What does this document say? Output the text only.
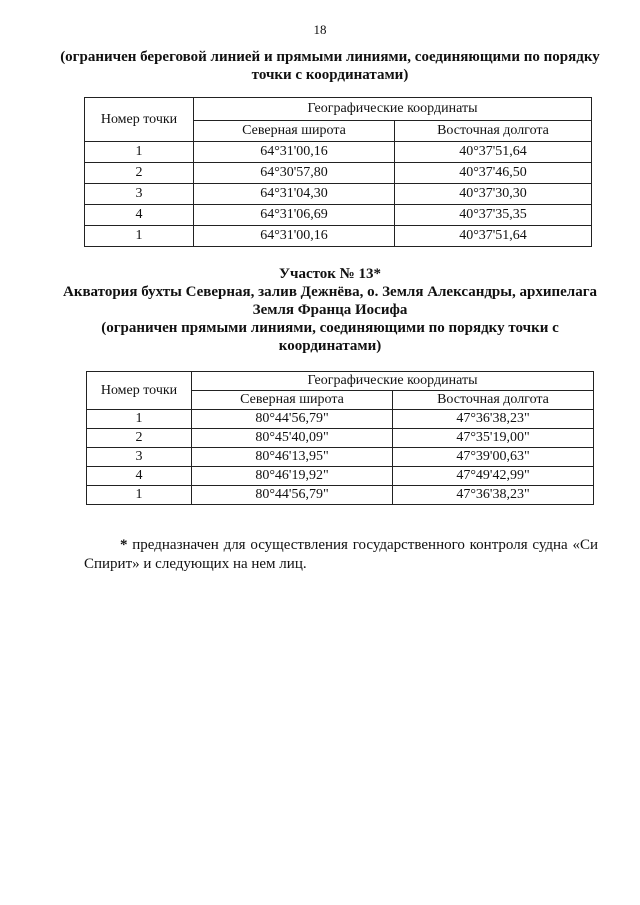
18
(ограничен береговой линией и прямыми линиями, соединяющими по порядку точки с координатами)
Номер точки	Географические координаты	
	Северная широта	Восточная долгота
1	64°31'00,16	40°37'51,64
2	64°30'57,80	40°37'46,50
3	64°31'04,30	40°37'30,30
4	64°31'06,69	40°37'35,35
1	64°31'00,16	40°37'51,64
Участок № 13*
Акватория бухты Северная, залив Дежнёва, о. Земля Александры, архипелага Земля Франца Иосифа
(ограничен прямыми линиями, соединяющими по порядку точки с координатами)
Номер точки	Географические координаты	
	Северная широта	Восточная долгота
1	80°44'56,79"	47°36'38,23"
2	80°45'40,09"	47°35'19,00"
3	80°46'13,95"	47°39'00,63"
4	80°46'19,92"	47°49'42,99"
1	80°44'56,79"	47°36'38,23"
* предназначен для осуществления государственного контроля судна «Си Спирит» и следующих на нем лиц.
